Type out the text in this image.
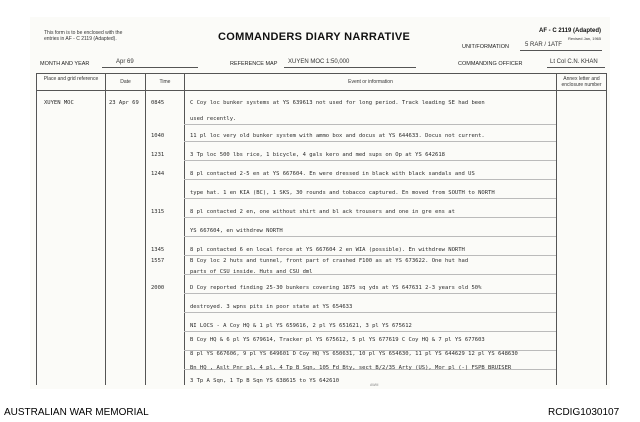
This form is to be enclosed with the
entries in AF - C 2119 (Adapted).	COMMANDERS DIARY NARRATIVE	AF - C 2119 (Adapted)
Revised Jan, 1965
UNIT/FORMATION	5 RAR / 1ATF
MONTH AND YEAR	Apr 69	REFERENCE MAP XUYEN MOC 1:50,000	COMMANDING OFFICER	Lt Col C.N. KHAN
Place and grid reference	Date	Time	Event or information	Annex letter and enclosure number
XUYEN MOC	23 Apr 69 0845	C Coy loc bunker systems at YS 639613 not used for long period. Track leading SE had been
used recently.
1040	11 pl loc very old bunker system with ammo box and docus at YS 644633. Docus not current.
1231	3 Tp loc 500 lbs rice, 1 bicycle, 4 gals kero and med sups on Op at YS 642618
1244	8 pl contacted 2-5 en at YS 667604. En were dressed in black with black sandals and US
type hat. 1 en KIA (BC), 1 SKS, 30 rounds and tobacco captured. En moved from SOUTH to NORTH
1315	8 pl contacted 2 en, one without shirt and bl ack trousers and one in gre ens at
YS 667604, en withdrew NORTH
1345	8 pl contacted 6 en local force at YS 667604 2 en WIA (possible). En withdrew NORTH
1557	B Coy loc 2 huts and tunnel, front part of crashed F100 as at YS 673622. One hut had
parts of CSU inside. Huts and CSU dml
2000	D Coy reported finding 25-30 bunkers covering 1875 sq yds at YS 647631 2-3 years old 50%
destroyed. 3 wpns pits in poor state at YS 654633
NI LOCS - A Coy HQ & 1 pl YS 659616, 2 pl YS 651621, 3 pl YS 675612
B Coy HQ & 6 pl YS 679614, Tracker pl YS 675612, 5 pl YS 677619 C Coy HQ & 7 pl YS 677603
8 pl YS 667606, 9 pl YS 649601 D Coy HQ YS 650631, 10 pl YS 654630, 11 pl YS 644629 12 pl YS 648630
Bn HQ , Aslt Pnr pl, 4 pl, 4 Tp B Sqn, 105 Fd Bty, sect B/2/35 Arty (US), Mor pl (-) FSPB BRUISER
3 Tp A Sqn, 1 Tp B Sqn YS 638615 to YS 642610
AWM
AUSTRALIAN WAR MEMORIAL	RCDIG1030107
